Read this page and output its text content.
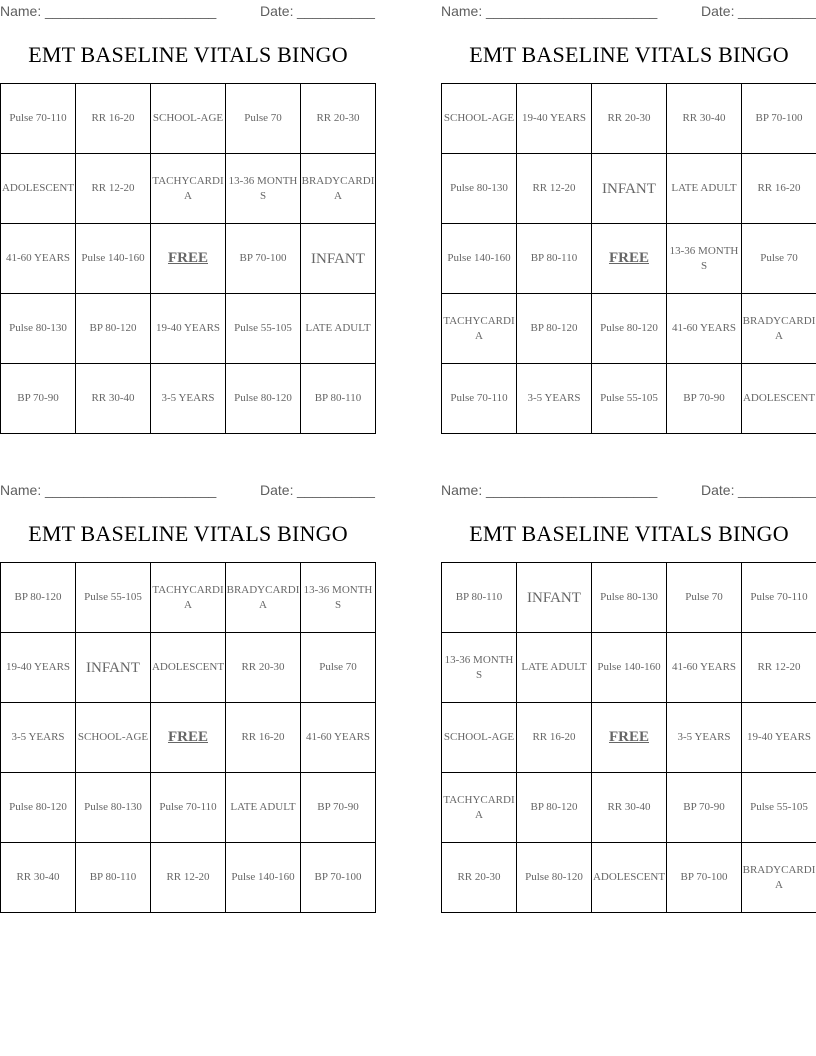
Name: ______________________	Date: __________
EMT BASELINE VITALS BINGO
Pulse 70-110	RR 16-20	SCHOOL-AGE	Pulse 70	RR 20-30
ADOLESCENT	RR 12-20	TACHYCARDIA	13-36 MONTHS	BRADYCARDIA
41-60 YEARS	Pulse 140-160	FREE	BP 70-100	INFANT
Pulse 80-130	BP 80-120	19-40 YEARS	Pulse 55-105	LATE ADULT
BP 70-90	RR 30-40	3-5 YEARS	Pulse 80-120	BP 80-110
Name: ______________________	Date: __________
EMT BASELINE VITALS BINGO
SCHOOL-AGE	19-40 YEARS	RR 20-30	RR 30-40	BP 70-100
Pulse 80-130	RR 12-20	INFANT	LATE ADULT	RR 16-20
Pulse 140-160	BP 80-110	FREE	13-36 MONTHS	Pulse 70
TACHYCARDIA	BP 80-120	Pulse 80-120	41-60 YEARS	BRADYCARDIA
Pulse 70-110	3-5 YEARS	Pulse 55-105	BP 70-90	ADOLESCENT
Name: ______________________	Date: __________
EMT BASELINE VITALS BINGO
BP 80-120	Pulse 55-105	TACHYCARDIA	BRADYCARDIA	13-36 MONTHS
19-40 YEARS	INFANT	ADOLESCENT	RR 20-30	Pulse 70
3-5 YEARS	SCHOOL-AGE	FREE	RR 16-20	41-60 YEARS
Pulse 80-120	Pulse 80-130	Pulse 70-110	LATE ADULT	BP 70-90
RR 30-40	BP 80-110	RR 12-20	Pulse 140-160	BP 70-100
Name: ______________________	Date: __________
EMT BASELINE VITALS BINGO
BP 80-110	INFANT	Pulse 80-130	Pulse 70	Pulse 70-110
13-36 MONTHS	LATE ADULT	Pulse 140-160	41-60 YEARS	RR 12-20
SCHOOL-AGE	RR 16-20	FREE	3-5 YEARS	19-40 YEARS
TACHYCARDIA	BP 80-120	RR 30-40	BP 70-90	Pulse 55-105
RR 20-30	Pulse 80-120	ADOLESCENT	BP 70-100	BRADYCARDIA
